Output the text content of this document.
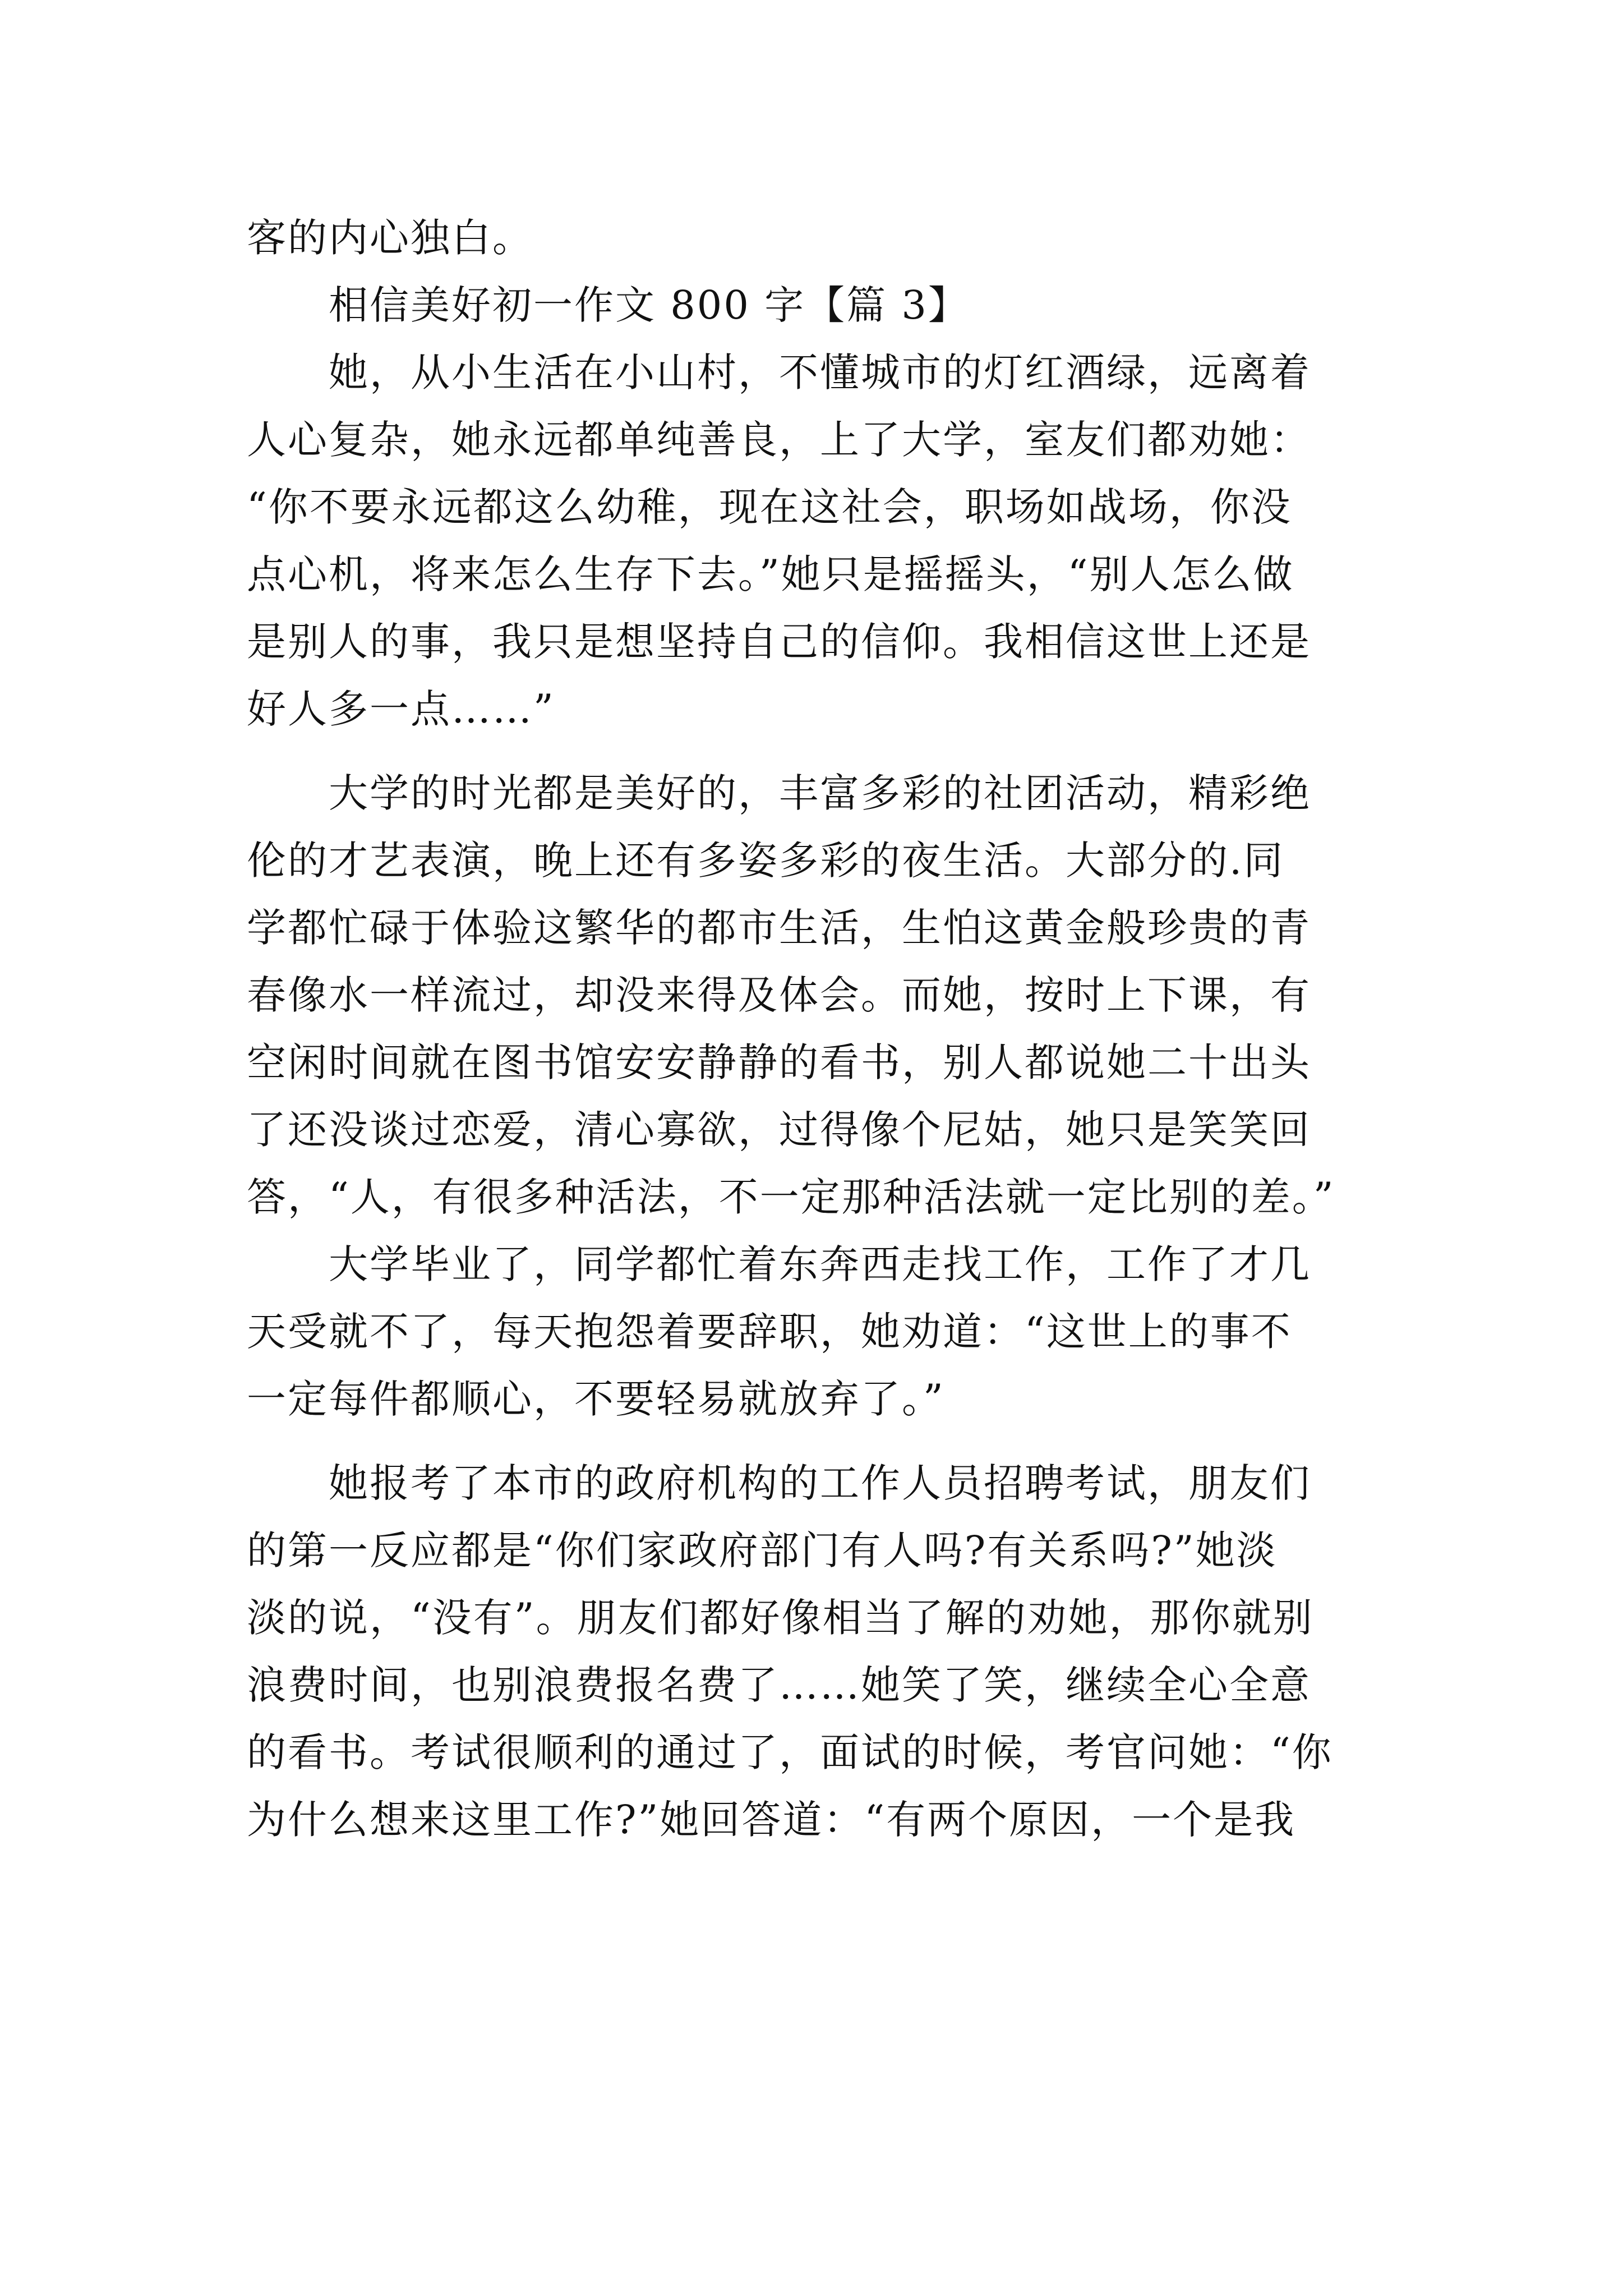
客的内心独白。
相信美好初一作文 800 字【篇 3】
她，从小生活在小山村，不懂城市的灯红酒绿，远离着
人心复杂，她永远都单纯善良，上了大学，室友们都劝她：
“你不要永远都这么幼稚，现在这社会，职场如战场，你没
点心机，将来怎么生存下去。”她只是摇摇头，“别人怎么做
是别人的事，我只是想坚持自己的信仰。我相信这世上还是
好人多一点……”
大学的时光都是美好的，丰富多彩的社团活动，精彩绝
伦的才艺表演，晚上还有多姿多彩的夜生活。大部分的.同
学都忙碌于体验这繁华的都市生活，生怕这黄金般珍贵的青
春像水一样流过，却没来得及体会。而她，按时上下课，有
空闲时间就在图书馆安安静静的看书，别人都说她二十出头
了还没谈过恋爱，清心寡欲，过得像个尼姑，她只是笑笑回
答，“人，有很多种活法，不一定那种活法就一定比别的差。”
大学毕业了，同学都忙着东奔西走找工作，工作了才几
天受就不了，每天抱怨着要辞职，她劝道：“这世上的事不
一定每件都顺心，不要轻易就放弃了。”
她报考了本市的政府机构的工作人员招聘考试，朋友们
的第一反应都是“你们家政府部门有人吗?有关系吗?”她淡
淡的说，“没有”。朋友们都好像相当了解的劝她，那你就别
浪费时间，也别浪费报名费了……她笑了笑，继续全心全意
的看书。考试很顺利的通过了，面试的时候，考官问她：“你
为什么想来这里工作?”她回答道：“有两个原因，一个是我
